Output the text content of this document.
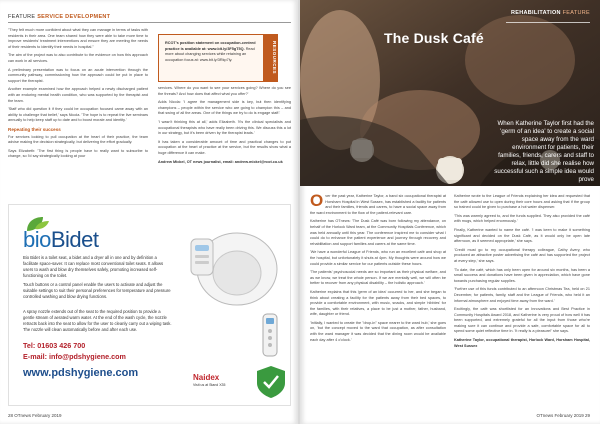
FEATURE SERVICE DEVELOPMENT

"They felt much more confident about what they can manage in terms of tasks with residents in their area. One team shared how they were able to take more time to improve residents' treatment interventions and ensure they are meeting the needs of their residents to identify their needs in hospital."

The aim of the project was to also contribute to the evidence on how this approach can work in all services.

A preliminary presentation was to focus on an acute intervention through the community pathway, commissioning how the approach could be put in place to support the therapist.

Another example examined how the approach helped a newly discharged patient with an enduring mental health condition, who was supported by the therapist and the team.

'Staff who did question it if they could be occupation focused came away with an ability to challenge that belief,' says Nicola. 'The hope is to repeat the live seminars annually to help keep staff up to date and to boost morale and identity.'

Repeating their success

For services looking to pull occupation at the heart of their practice, the team advise making the decision strategically, but delivering the effort gradually.

Says Elizabeth: 'The first thing is people have to really want to subscribe to change, so I'd say strategically looking at your

RCOT's position statement on occupation-centred practice is available at: www.bit.ly/3F5gT5Q. Read more about changing services while retaining an occupation focus at: www.bit.ly/3Rkp7ly.	RESOURCES

services. Where do you want to see your services going? Where do you see the threats? And how does that affect what you offer?'

Adds Nicola: 'I agree the management side is key, but then identifying champions – people within the service who are going to champion this – and that swing of all the areas. One of the things we try to do is engage staff.'

'I wasn't thinking this at all,' adds Elizabeth. 'It's the clinical specialists and occupational therapists who have really been driving this. We discuss this a lot in our strategy, but it's been driven by the therapist leads.'

It has taken a considerable amount of time and practical changes to put occupation at the heart of practice at the service, but the results show what a huge difference it can make.

Andrew Mickel, OT news journalist, email: andrew.mickel@rcot.co.uk

bioBidet
Bio Bidet is a toilet seat, a bidet and a dryer all in one and by definition a facilitate space-saver. It can replace most conventional toilet seats. It allows users to wash and blow dry themselves safely, promoting increased self-functioning on the toilet.
Touch buttons or a control panel enable the users to activate and adjust the suitable settings to suit their personal preferences for temperature and pressure controlled washing and blow drying functions.
A spray nozzle extends out of the seat to the required position to provide a gentle stream of aerated warm water. At the end of the wash cycle, the nozzle retracts back into the seat to allow for the user to cleanly carry out a wiping task. The nozzle will clean automatically before and after each use.
Tel: 01603 426 700
E-mail: info@pdshygiene.com
www.pdshygiene.com	Naidex
Visit us at Stand X35
28 OTnews February 2019
REHABILITATION FEATURE
The Dusk Café
When Katherine Taylor first had the 'germ of an idea' to create a social space away from the ward environment for patients, their families, friends, carers and staff to relax, little did she realise how successful such a simple idea would prove

Over the past year, Katherine Taylor, a band six occupational therapist at Horsham Hospital in West Sussex, has established a facility for patients and their families, friends and carers, to have a social space away from the ward environment to the flow of the patient-relevant care.

Katherine has OTnews: 'The Dusk Café was born following my attendance, on behalf of the Horlock Ward team, at the Community Hospitals Conference, which was held annually until this year. The conference inspired me to consider what I could do to enhance the patient experience and journey through recovery and rehabilitation and support families and carers at the same time.

'We have a wonderful League of Friends, who run an excellent café and shop at the hospital, but unfortunately it shuts at 4pm. My thoughts were around how we could provide a similar service for our patients outside these hours.

'The patients' psychosocial needs are so important as their physical welfare, and as we know, we treat the whole person. If we are mentally well, we will often be better to recover from any physical disability – the holistic approach.'

Katherine explains that this 'germ of an idea' occurred to her, and she began to think about creating a facility for the patients away from their bed spaces, to provide a comfortable environment, with music, snacks, and simple 'nibbles' for the families, with their relatives, a place to be just a mother, father, husband, wife, daughter or friend.

'Initially, I wanted to create the "drop-in" space nearer to the ward hub,' she goes on, 'but the concept moved to the ward that occupation, as after consultation with the ward manager it was decided that the dining room would be available each day after 4 o'clock.'

Katherine wrote to the League of Friends explaining her idea and requested that the café allowed use to open during their core hours and asking that if the group so trained could be given to purchase a hot water dispenser.

'This was warmly agreed to, and the funds supplied. They also provided the café with mugs, which helped enormously.'

Finally, Katherine wanted to name the café. 'I was keen to make it something significant and decided on the Dusk Café, as it would only be open late afternoon, as it seemed appropriate,' she says.

'Credit must go to my occupational therapy colleague, Cathy Avery, who produced an attractive poster advertising the café and has supported the project at every step,' she says.

'To date, the café, which has only been open for around six months, has been a small success and donations have been given in appreciation, which have gone towards purchasing regular supplies.

'Further use of this funds contributed to an afternoon Christmas Tea, held on 21 December, for patients, family, staff and the League of Friends, who held it an informal atmosphere and enjoyed time away from the ward.'

Excitingly, the café was shortlisted for an Innovations and Best Practice in Community Hospitals Award 2018, and Katherine is very proud of how well it has been supported, and extremely grateful for all the input from those who're making sure it can continue and provide a safe, comfortable space for all to spend some quiet reflective time in. 'It really is a pleasure!' she says.

Katherine Taylor, occupational therapist, Horlock Ward, Horsham Hospital, West Sussex

OTnews February 2019 29
